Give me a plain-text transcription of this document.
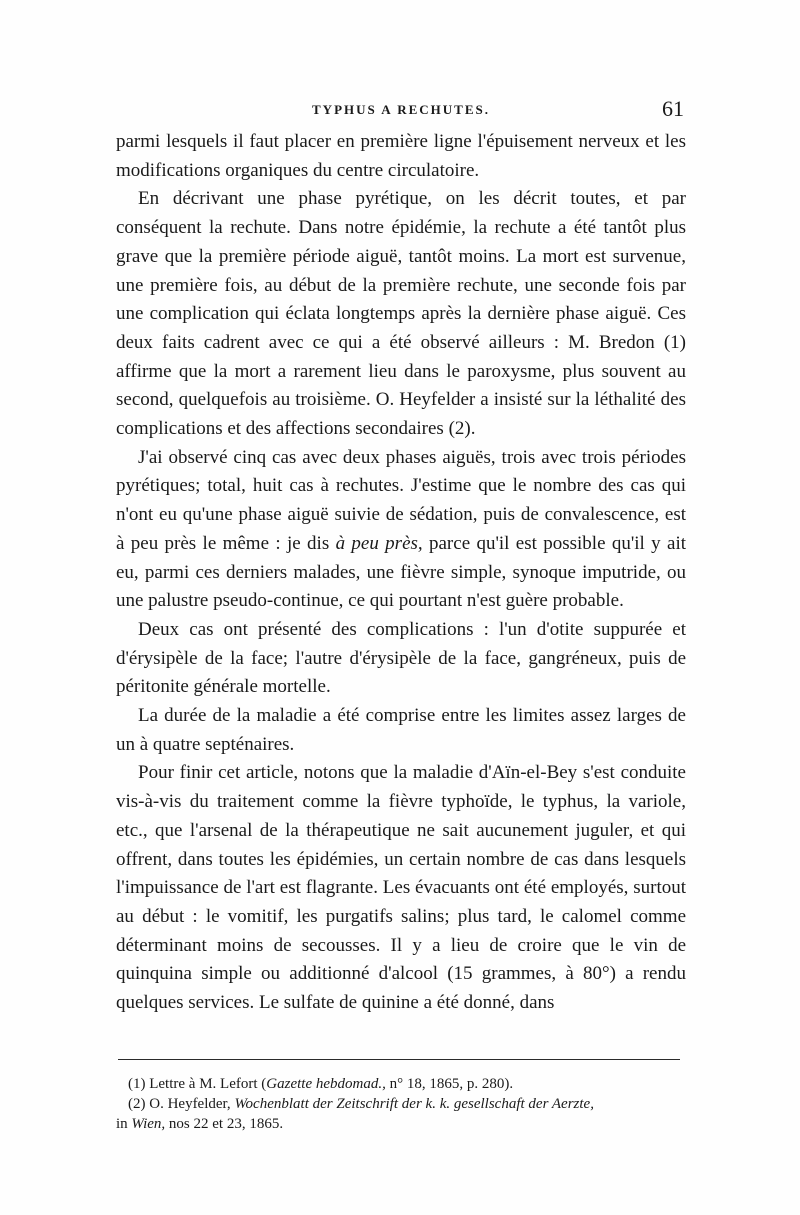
TYPHUS A RECHUTES.	61

parmi lesquels il faut placer en première ligne l'épuisement nerveux et les modifications organiques du centre circulatoire.

En décrivant une phase pyrétique, on les décrit toutes, et par conséquent la rechute. Dans notre épidémie, la rechute a été tantôt plus grave que la première période aiguë, tantôt moins. La mort est survenue, une première fois, au début de la première rechute, une seconde fois par une complication qui éclata longtemps après la dernière phase aiguë. Ces deux faits cadrent avec ce qui a été observé ailleurs : M. Bredon (1) affirme que la mort a rarement lieu dans le paroxysme, plus souvent au second, quelquefois au troisième. O. Heyfelder a insisté sur la léthalité des complications et des affections secondaires (2).

J'ai observé cinq cas avec deux phases aiguës, trois avec trois périodes pyrétiques; total, huit cas à rechutes. J'estime que le nombre des cas qui n'ont eu qu'une phase aiguë suivie de sédation, puis de convalescence, est à peu près le même : je dis à peu près, parce qu'il est possible qu'il y ait eu, parmi ces derniers malades, une fièvre simple, synoque imputride, ou une palustre pseudo-continue, ce qui pourtant n'est guère probable.

Deux cas ont présenté des complications : l'un d'otite suppurée et d'érysipèle de la face; l'autre d'érysipèle de la face, gangréneux, puis de péritonite générale mortelle.

La durée de la maladie a été comprise entre les limites assez larges de un à quatre septénaires.

Pour finir cet article, notons que la maladie d'Aïn-el-Bey s'est conduite vis-à-vis du traitement comme la fièvre typhoïde, le typhus, la variole, etc., que l'arsenal de la thérapeutique ne sait aucunement juguler, et qui offrent, dans toutes les épidémies, un certain nombre de cas dans lesquels l'impuissance de l'art est flagrante. Les évacuants ont été employés, surtout au début : le vomitif, les purgatifs salins; plus tard, le calomel comme déterminant moins de secousses. Il y a lieu de croire que le vin de quinquina simple ou additionné d'alcool (15 grammes, à 80°) a rendu quelques services. Le sulfate de quinine a été donné, dans

(1) Lettre à M. Lefort (Gazette hebdomad., n° 18, 1865, p. 280).

(2) O. Heyfelder, Wochenblatt der Zeitschrift der k. k. gesellschaft der Aerzte,

in Wien, nos 22 et 23, 1865.
